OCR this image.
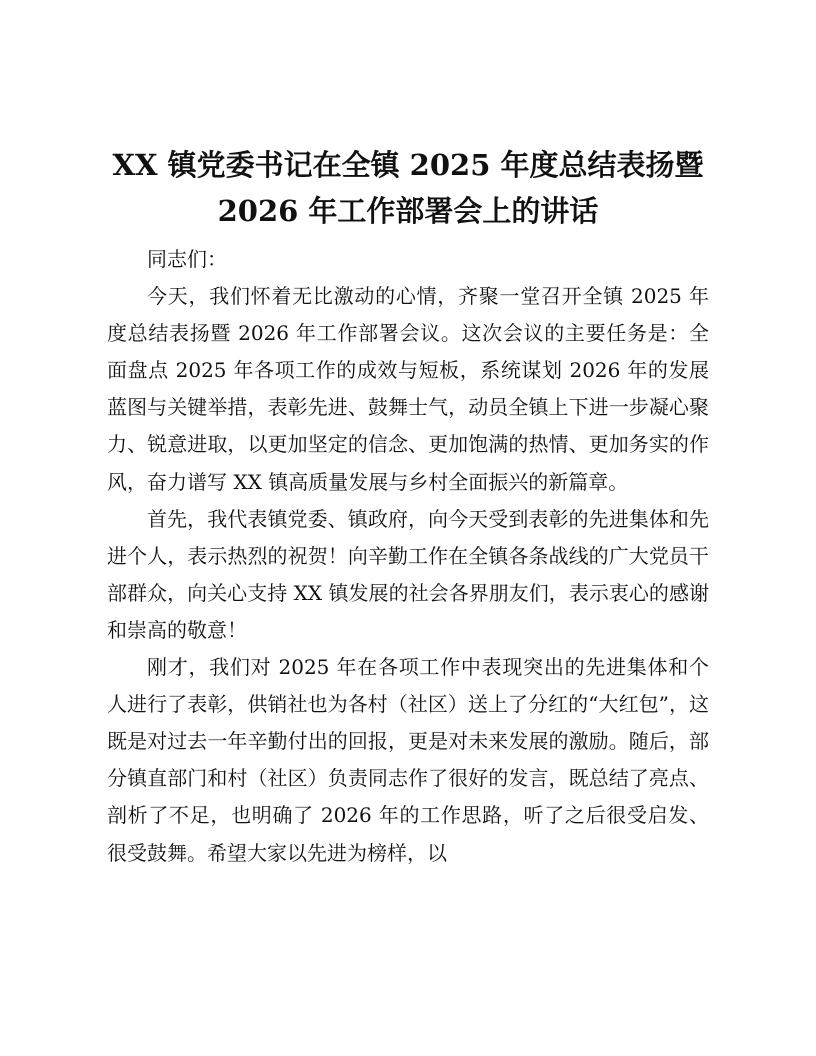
XX 镇党委书记在全镇 2025 年度总结表扬暨
2026 年工作部署会上的讲话

同志们：

今天，我们怀着无比激动的心情，齐聚一堂召开全镇 2025 年度总结表扬暨 2026 年工作部署会议。这次会议的主要任务是：全面盘点 2025 年各项工作的成效与短板，系统谋划 2026 年的发展蓝图与关键举措，表彰先进、鼓舞士气，动员全镇上下进一步凝心聚力、锐意进取，以更加坚定的信念、更加饱满的热情、更加务实的作风，奋力谱写 XX 镇高质量发展与乡村全面振兴的新篇章。

首先，我代表镇党委、镇政府，向今天受到表彰的先进集体和先进个人，表示热烈的祝贺！向辛勤工作在全镇各条战线的广大党员干部群众，向关心支持 XX 镇发展的社会各界朋友们，表示衷心的感谢和崇高的敬意！

刚才，我们对 2025 年在各项工作中表现突出的先进集体和个人进行了表彰，供销社也为各村（社区）送上了分红的“大红包”，这既是对过去一年辛勤付出的回报，更是对未来发展的激励。随后，部分镇直部门和村（社区）负责同志作了很好的发言，既总结了亮点、剖析了不足，也明确了 2026 年的工作思路，听了之后很受启发、很受鼓舞。希望大家以先进为榜样，以
